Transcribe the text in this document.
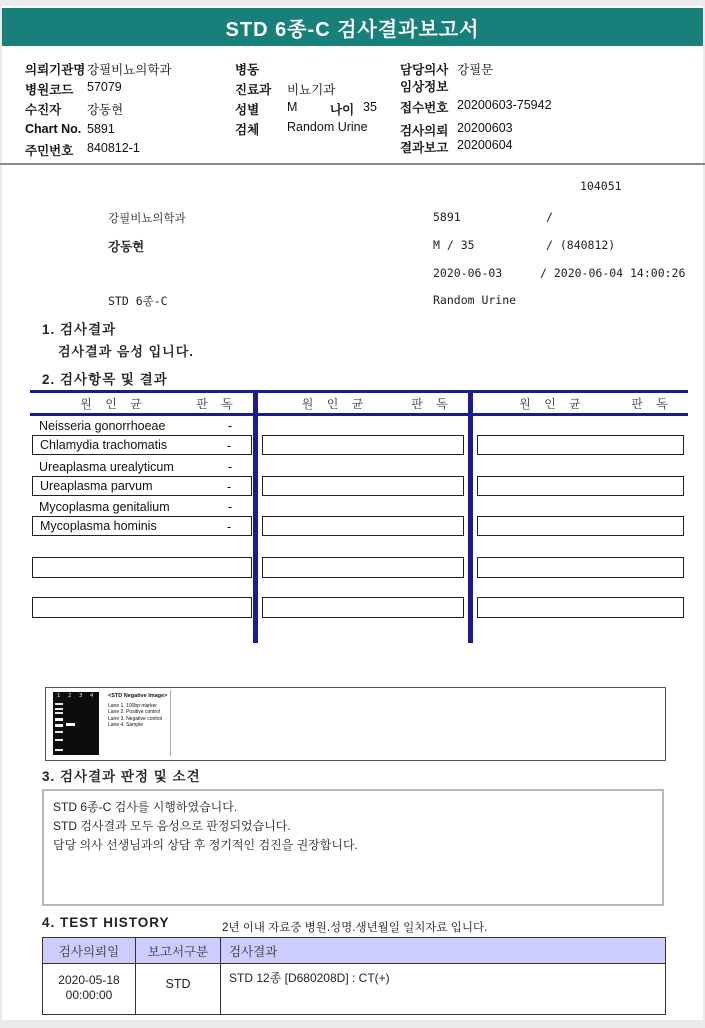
STD 6종-C 검사결과보고서
의뢰기관명 강필비뇨의학과
병원코드 57079
수진자 강동현
Chart No. 5891
주민번호 840812-1
병동
진료과 비뇨기과
성별 M	나이 35
검체 Random Urine
담당의사 강필문
임상정보
접수번호 20200603-75942
검사의뢰 20200603
결과보고 20200604
104051
강필비뇨의학과	5891	/
강동현	M / 35	/ (840812)
2020-06-03	/ 2020-06-04 14:00:26
STD 6종-C	Random Urine
1. 검사결과
검사결과 음성 입니다.
2. 검사항목 및 결과
원 인 균	판 독	원 인 균	판 독	원 인 균	판 독
Neisseria gonorrhoeae	-
Chlamydia trachomatis	-
Ureaplasma urealyticum	-
Ureaplasma parvum	-
Mycoplasma genitalium	-
Mycoplasma hominis	-
1 2 3 4	<STD Negative Image>
Lane 1. 100bp marker
Lane 2. Positive control
Lane 3. Negative control
Lane 4. Sample
3. 검사결과 판정 및 소견
STD 6종-C 검사를 시행하였습니다.
STD 검사결과 모두 음성으로 판정되었습니다.
담당 의사 선생님과의 상담 후 정기적인 검진을 권장합니다.
4. TEST HISTORY	2년 이내 자료중 병원.성명.생년월일 일치자료 입니다.
검사의뢰일	보고서구분	검사결과
2020-05-18
00:00:00
STD	STD 12종 [D680208D] : CT(+)
